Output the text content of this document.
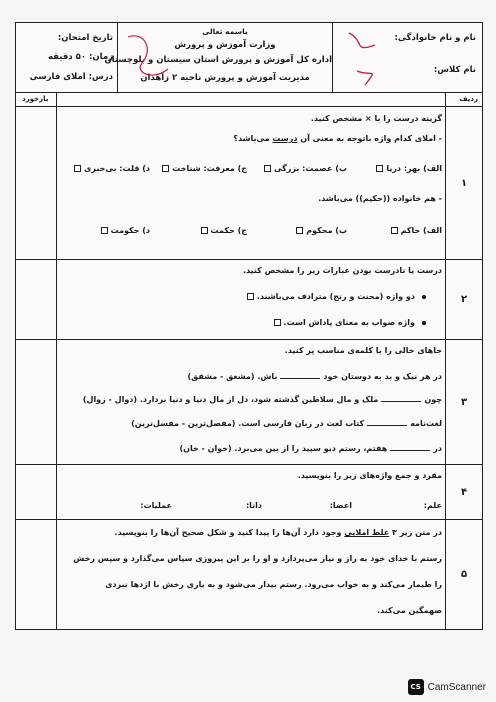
نام و نام خانوادگی:
نام کلاس:
باسمه تعالی
وزارت آموزش و پرورش
اداره کل آموزش و پرورش استان سیستان و بلوچستان
مدیریت آموزش و پرورش ناحیه ۲ زاهدان
تاریخ امتحان:
زمان: ۵۰ دقیقه
درس: املای فارسی
ردیف
بازخورد
۱
گزینه درست را با × مشخص کنید.
- املای کدام واژه باتوجه به معنی آن درست می‌باشد؟
الف) بهر: دریا
ب) عصمت: بزرگی
ج) معرفت: شناخت
د) قلت: بی‌خبری
- هم خانواده ((حکیم)) می‌باشد.
الف) حاکم
ب) محکوم
ج) حکمت
د) حکومت
۲
درست یا نادرست بودن عبارات زیر را مشخص کنید.
دو واژه (محنت و رنج) مترادف می‌باشند.
واژه صواب به معنای پاداش است.
۳
جاهای خالی را با کلمه‌ی مناسب پر کنید.
در هر نیک و بد به دوستان خودباش. (مشغق - مشفق)
چونملک و مال سلاطین گذشته شود، دل از مال دنیا و دنیا بردارد. (دوال - زوال)
لغت‌نامهکتاب لغت در زبان فارسی است. (مفصل‌ترین - مفسل‌ترین)
درهفتم، رستم دیو سپید را از بین می‌برد. (خوان - خان)
۴
مفرد و جمع واژه‌های زیر را بنویسید.
علم:
اعضا:
دانا:
عملیات:
۵
در متن زیر ۳ غلط املایی وجود دارد آن‌ها را پیدا کنید و شکل صحیح آن‌ها را بنویسید.
رستم با خدای خود به راز و نیاز می‌پردازد و او را بر این پیروزی سپاس می‌گذارد و سپس رخش
را طیمار می‌کند و به خواب می‌رود. رستم بیدار می‌شود و به یاری رخش با اژدها نبردی
صهمگین می‌کند.
CS CamScanner
